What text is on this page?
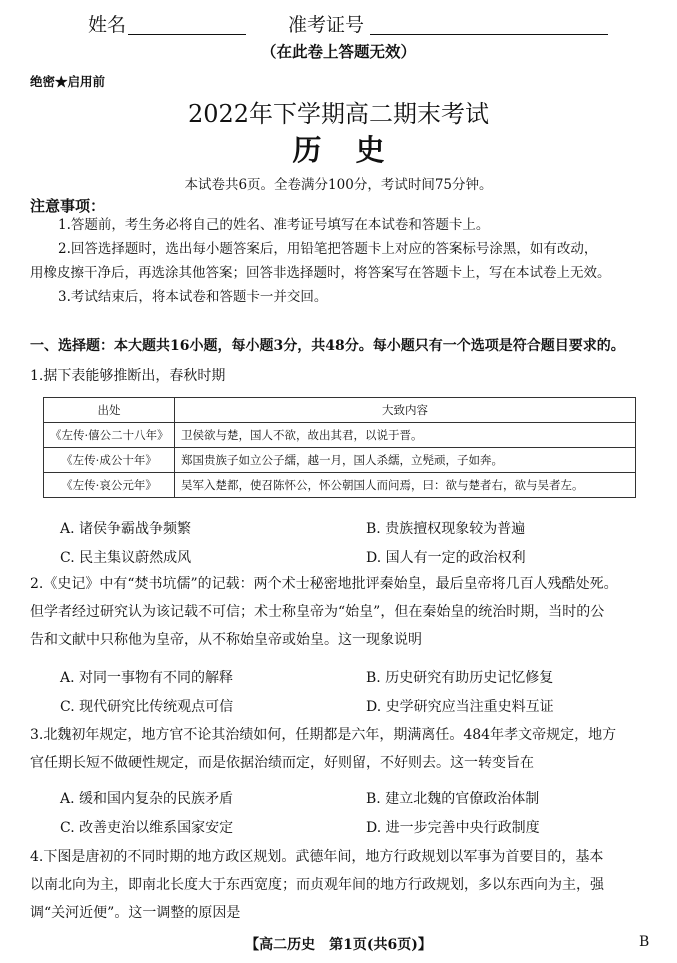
姓名	准考证号
（在此卷上答题无效）
绝密★启用前
2022年下学期高二期末考试
历史
本试卷共6页。全卷满分100分，考试时间75分钟。
注意事项：
1.答题前，考生务必将自己的姓名、准考证号填写在本试卷和答题卡上。
2.回答选择题时，选出每小题答案后，用铅笔把答题卡上对应的答案标号涂黑，如有改动，
用橡皮擦干净后，再选涂其他答案；回答非选择题时，将答案写在答题卡上，写在本试卷上无效。
3.考试结束后，将本试卷和答题卡一并交回。
一、选择题：本大题共16小题，每小题3分，共48分。每小题只有一个选项是符合题目要求的。
1.据下表能够推断出，春秋时期
出处	大致内容
《左传·僖公二十八年》	卫侯欲与楚，国人不欲，故出其君，以说于晋。
《左传·成公十年》	郑国贵族子如立公子繻，越一月，国人杀繻，立髡顽，子如奔。
《左传·哀公元年》	吴军入楚都，使召陈怀公，怀公朝国人而问焉，曰：欲与楚者右，欲与吴者左。
A. 诸侯争霸战争频繁	B. 贵族擅权现象较为普遍
C. 民主集议蔚然成风	D. 国人有一定的政治权利
2.《史记》中有“焚书坑儒”的记载：两个术士秘密地批评秦始皇，最后皇帝将几百人残酷处死。
但学者经过研究认为该记载不可信；术士称皇帝为“始皇”，但在秦始皇的统治时期，当时的公
告和文献中只称他为皇帝，从不称始皇帝或始皇。这一现象说明
A. 对同一事物有不同的解释	B. 历史研究有助历史记忆修复
C. 现代研究比传统观点可信	D. 史学研究应当注重史料互证
3.北魏初年规定，地方官不论其治绩如何，任期都是六年，期满离任。484年孝文帝规定，地方
官任期长短不做硬性规定，而是依据治绩而定，好则留，不好则去。这一转变旨在
A. 缓和国内复杂的民族矛盾	B. 建立北魏的官僚政治体制
C. 改善吏治以维系国家安定	D. 进一步完善中央行政制度
4.下图是唐初的不同时期的地方政区规划。武德年间，地方行政规划以军事为首要目的，基本
以南北向为主，即南北长度大于东西宽度；而贞观年间的地方行政规划，多以东西向为主，强
调“关河近便”。这一调整的原因是
【高二历史　第1页(共6页)】	B
